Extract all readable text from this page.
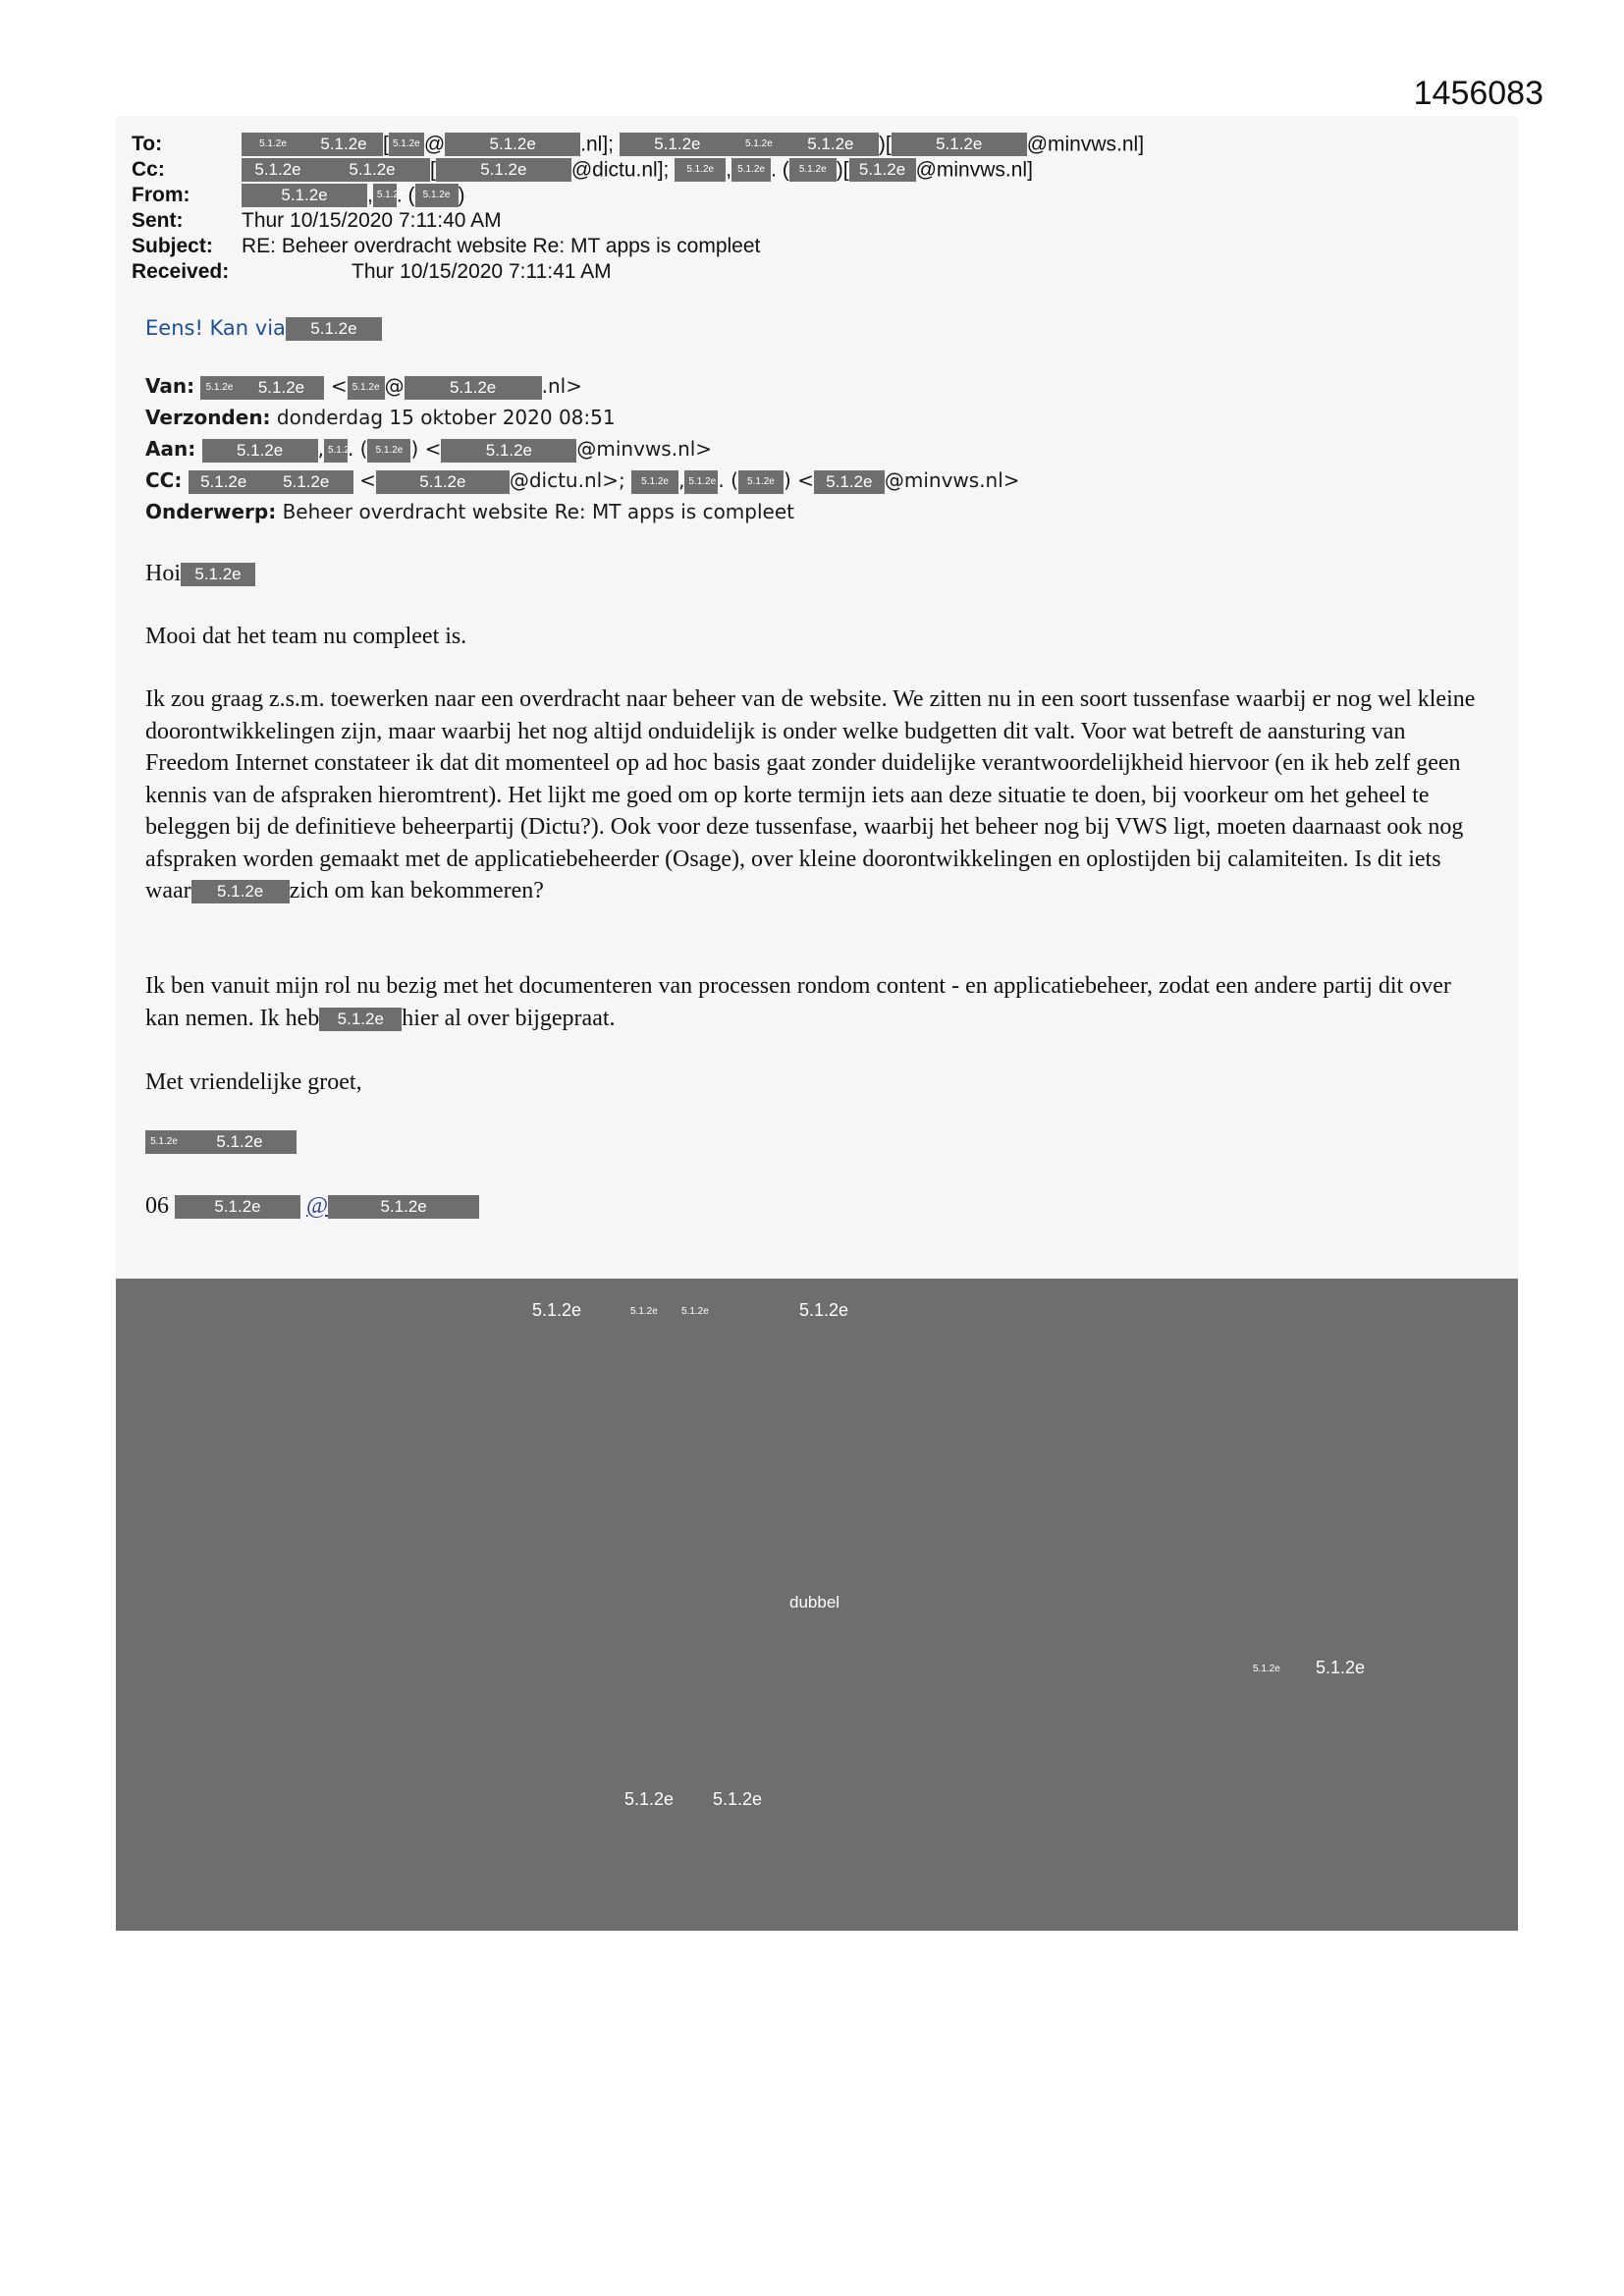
1456083
To:	5.1.2e 5.1.2e [ 5.1.2e @	5.1.2e .nl]; 5.1.2e	5.1.2e 5.1.2e )[	5.1.2e @minvws.nl]
Cc:	5.1.2e	5.1.2e [	5.1.2e @dictu.nl]; 5.1.2e , 5.1.2e . ( 5.1.2e )[ 5.1.2e @minvws.nl]
From:	5.1.2e , 5.1.2e. ( 5.1.2e )
Sent:	Thur 10/15/2020 7:11:40 AM
Subject: RE: Beheer overdracht website Re: MT apps is compleet
Received:	Thur 10/15/2020 7:11:41 AM
Eens! Kan via 5.1.2e
Van: 5.1.2e 5.1.2e < 5.1.2e @	5.1.2e .nl>
Verzonden: donderdag 15 oktober 2020 08:51
Aan: 5.1.2e , 5.1.2e. ( 5.1.2e ) <	5.1.2e @minvws.nl>
CC: 5.1.2e 5.1.2e <	5.1.2e @dictu.nl>; 5.1.2e , 5.1.2e . ( 5.1.2e ) < 5.1.2e @minvws.nl>
Onderwerp: Beheer overdracht website Re: MT apps is compleet
Hoi 5.1.2e
Mooi dat het team nu compleet is.
Ik zou graag z.s.m. toewerken naar een overdracht naar beheer van de website. We zitten nu in een soort tussenfase waarbij er nog wel kleine doorontwikkelingen zijn, maar waarbij het nog altijd onduidelijk is onder welke budgetten dit valt. Voor wat betreft de aansturing van Freedom Internet constateer ik dat dit momenteel op ad hoc basis gaat zonder duidelijke verantwoordelijkheid hiervoor (en ik heb zelf geen kennis van de afspraken hieromtrent). Het lijkt me goed om op korte termijn iets aan deze situatie te doen, bij voorkeur om het geheel te beleggen bij de definitieve beheerpartij (Dictu?). Ook voor deze tussenfase, waarbij het beheer nog bij VWS ligt, moeten daarnaast ook nog afspraken worden gemaakt met de applicatiebeheerder (Osage), over kleine doorontwikkelingen en oplostijden bij calamiteiten. Is dit iets waar 5.1.2e zich om kan bekommeren?
Ik ben vanuit mijn rol nu bezig met het documenteren van processen rondom content - en applicatiebeheer, zodat een andere partij dit over kan nemen. Ik heb 5.1.2e hier al over bijgepraat.
Met vriendelijke groet,
5.1.2e 5.1.2e
06	5.1.2e @	5.1.2e
5.1.2e	5.1.2e 5.1.2e	5.1.2e
dubbel
5.1.2e 5.1.2e
5.1.2e 5.1.2e
